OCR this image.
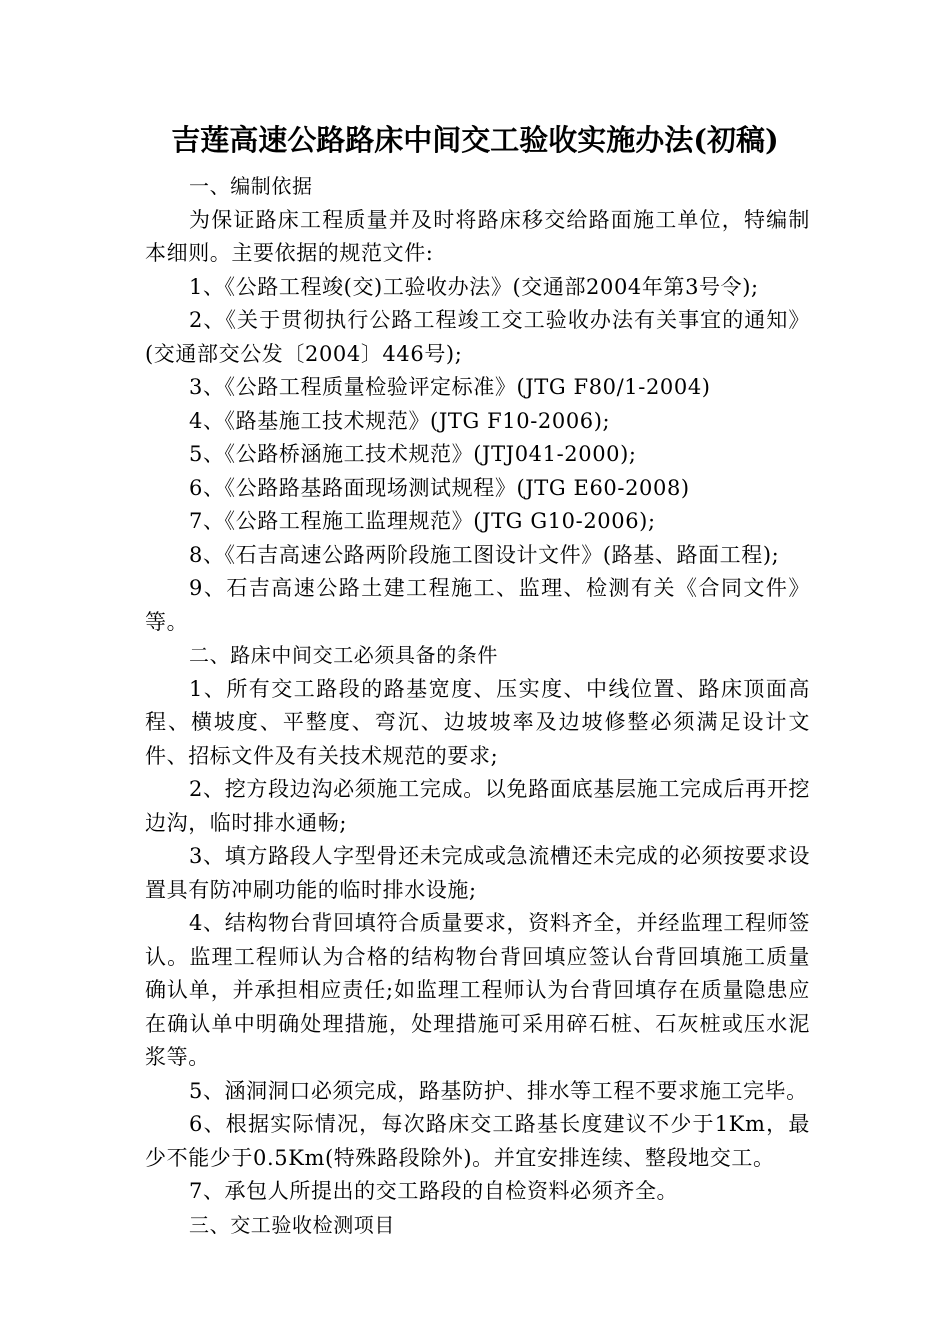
吉莲高速公路路床中间交工验收实施办法(初稿)

一、编制依据

为保证路床工程质量并及时将路床移交给路面施工单位，特编制本细则。主要依据的规范文件:

1、《公路工程竣(交)工验收办法》(交通部2004年第3号令);

2、《关于贯彻执行公路工程竣工交工验收办法有关事宜的通知》(交通部交公发〔2004〕446号);

3、《公路工程质量检验评定标准》(JTG F80/1-2004)

4、《路基施工技术规范》(JTG F10-2006);

5、《公路桥涵施工技术规范》(JTJ041-2000);

6、《公路路基路面现场测试规程》(JTG E60-2008)

7、《公路工程施工监理规范》(JTG G10-2006);

8、《石吉高速公路两阶段施工图设计文件》(路基、路面工程);

9、石吉高速公路土建工程施工、监理、检测有关《合同文件》等。

二、路床中间交工必须具备的条件

1、所有交工路段的路基宽度、压实度、中线位置、路床顶面高程、横坡度、平整度、弯沉、边坡坡率及边坡修整必须满足设计文件、招标文件及有关技术规范的要求;

2、挖方段边沟必须施工完成。以免路面底基层施工完成后再开挖边沟，临时排水通畅;

3、填方路段人字型骨还未完成或急流槽还未完成的必须按要求设置具有防冲刷功能的临时排水设施;

4、结构物台背回填符合质量要求，资料齐全，并经监理工程师签认。监理工程师认为合格的结构物台背回填应签认台背回填施工质量确认单，并承担相应责任;如监理工程师认为台背回填存在质量隐患应在确认单中明确处理措施，处理措施可采用碎石桩、石灰桩或压水泥浆等。

5、涵洞洞口必须完成，路基防护、排水等工程不要求施工完毕。

6、根据实际情况，每次路床交工路基长度建议不少于1Km，最少不能少于0.5Km(特殊路段除外)。并宜安排连续、整段地交工。

7、承包人所提出的交工路段的自检资料必须齐全。

三、交工验收检测项目
